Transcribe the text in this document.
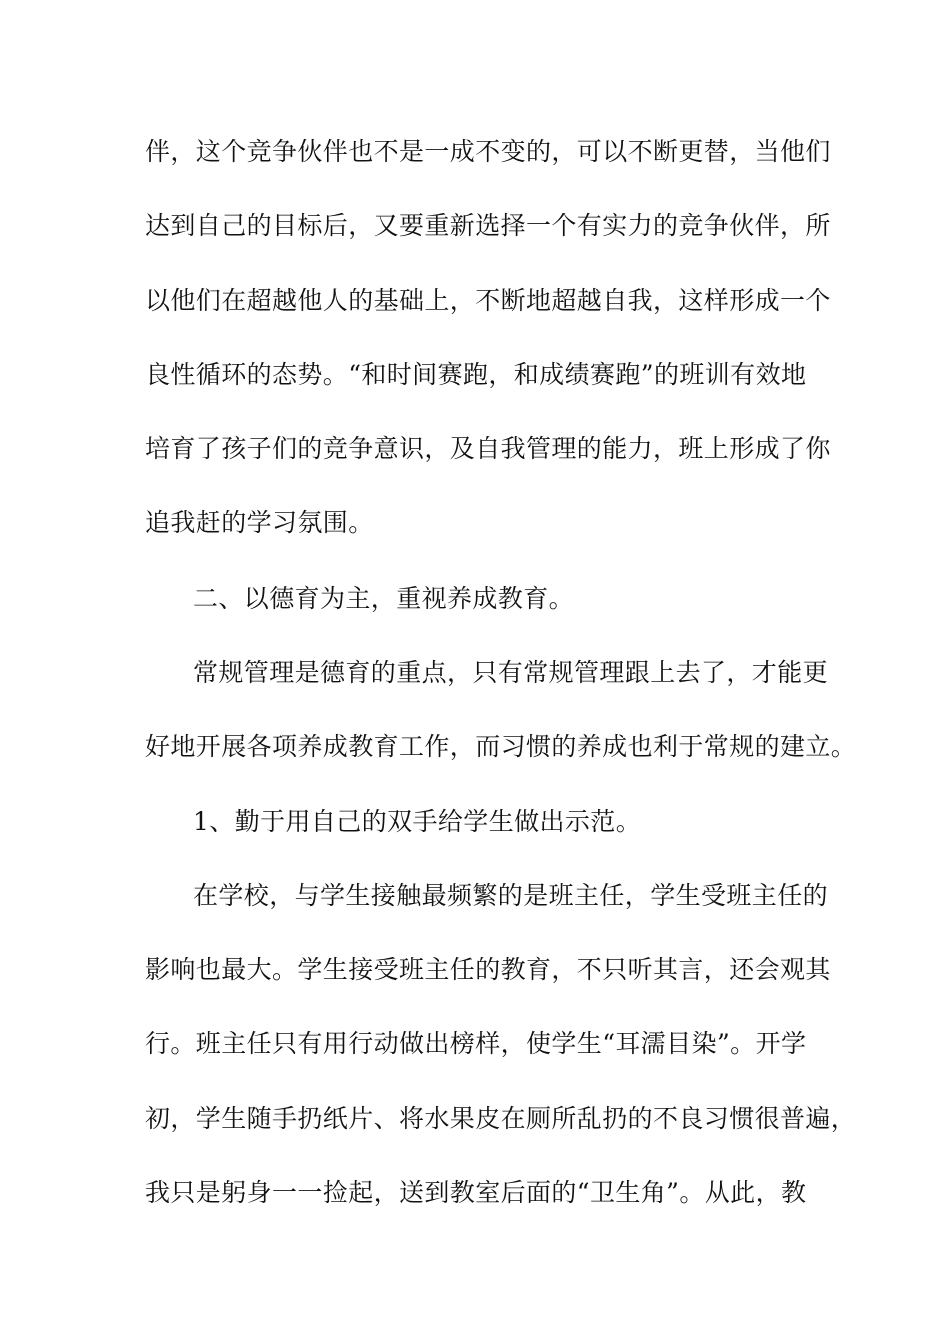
伴，这个竞争伙伴也不是一成不变的，可以不断更替，当他们
达到自己的目标后，又要重新选择一个有实力的竞争伙伴，所
以他们在超越他人的基础上，不断地超越自我，这样形成一个
良性循环的态势。“和时间赛跑，和成绩赛跑”的班训有效地
培育了孩子们的竞争意识，及自我管理的能力，班上形成了你
追我赶的学习氛围。
二、以德育为主，重视养成教育。
常规管理是德育的重点，只有常规管理跟上去了，才能更
好地开展各项养成教育工作，而习惯的养成也利于常规的建立。
1、勤于用自己的双手给学生做出示范。
在学校，与学生接触最频繁的是班主任，学生受班主任的
影响也最大。学生接受班主任的教育，不只听其言，还会观其
行。班主任只有用行动做出榜样，使学生“耳濡目染”。开学
初，学生随手扔纸片、将水果皮在厕所乱扔的不良习惯很普遍，
我只是躬身一一捡起，送到教室后面的“卫生角”。从此，教
